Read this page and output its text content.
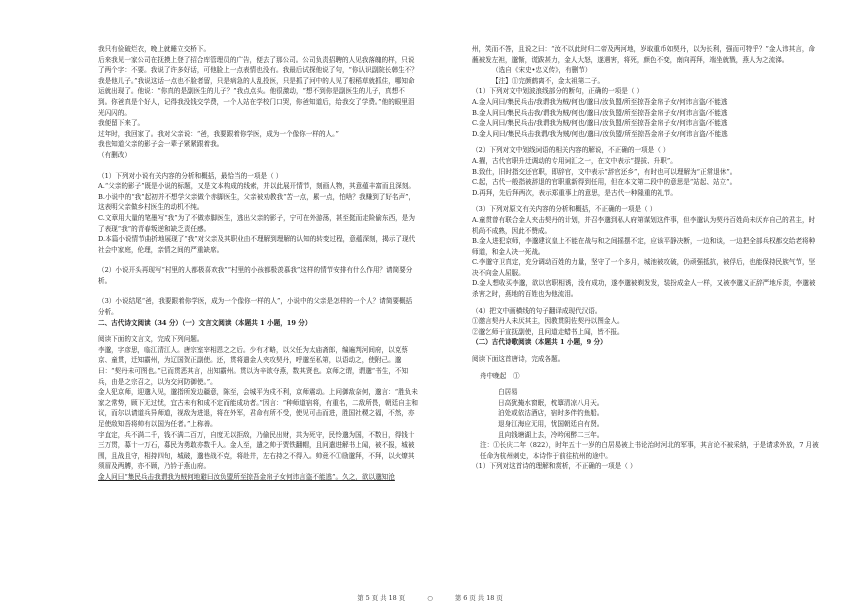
我只有俭破烂衣，晚上就睡立交桥下。

后来我见一家公司在抚摸上登了招合库管理员的广告，便去了那公司。公司负责招聘的人见我落魄的样，只说了两个字：不要。我说了许多好话，可他脸上一点表情也没有。我最后试探他说了句，“你认识副院长韩生不？我是他儿子。”我说这话一点也不脸者留，只是病急的人乱投医，只是抓了河中的人见了根稻草就抓住，哪知命运就出现了。他说：“你真的是副医生的儿子？”我点点头。他很激动，“想不到你是副医生的儿子，真想不到。你爸真是个好人，记得我没钱交学费，一个人站在学校门口哭，你爸知道后，给我交了学费。”他的眼里泪光闪闪的。

我便留下来了。

过年时，我回家了。我对父亲说：“爸，我要跟着你学医，成为一个像你一样的人。”

我也知道父亲的影子会一辈子紧紧跟着我。

（有删改）

（1）下列对小说有关内容的分析和概括，最恰当的一项是（ ）

A.“父亲的影子”既是小说的标题，又是文本构成的线索，并以此展开情节，刻画人物，其意蕴丰富而且深刻。

B.小说中的“我”起初并不想学父亲做个赤脚医生，父亲被劝教我“苦一点，累一点，怕啥？我赚到了好名声”，这表明父亲做乡村医生的动机不纯。

C.文章用大量的笔墨写“我”为了不做赤脚医生，逃出父亲的影子，宁可在外游荡，甚至挺而走险偷东西，是为了表现“我”的青春叛逆和缺乏责任感。

D.本篇小说情节曲折地展现了“我”对父亲及其职业由不理解到理解的认知的转变过程，意蕴深刻，揭示了现代社会中家庭，伦理，亲情之间的严重缺席。

（2）小说开头再现写“村里的人都极喜欢我”“村里的小孩都极羡慕我”这样的情节安排有什么作用？请简要分析。

（3）小说结尾“爸，我要跟着你学医，成为一个像你一样的人”，小说中的父亲是怎样的一个人？请简要概括分析。

二、古代诗文阅读（34 分）（一）文言文阅读（本题共 1 小题，19 分）

阅读下面的文言文，完成下列问题。

李邈，字彦思，临江清江人。唐宗室宰相恩之之后。少有才略，以父任为太庙斋郎，编遍判河间府，以克蔡京、童贯，迁知霸州，为辽国贺正副使。还，贯将遣金人夹攻契丹，呼邈至私第，以语动之，使附己。邈曰：“契丹未可图也。”已而贯恶其言，出知霸州。贯以为辛欲夺燕，数其贤也。京师之谓，谓邈“书生，不知兵，由是之宗召之，以为交河防御使。”。

金人犯京师，迎邈入见，邈指所发边疆意，陈至，会城平为戍不利，京师震动。上问御敌奈何，邈言：“胜负未家之常势，顾下无过忧，宜古未有和成不定而能成功者。”因言：“种师道宿将，有重名，二敌所畏，朝廷自主和议，而尔以请道兵异师道，视敌为进退，将在外军，君命有所不受，使见可击而进，胜国社稷之福，不然，亦足使敌知吾将帅有以国为任者。”上称善。

宇直定，兵不满二千，钱不满二百万，自度无以拒敌，乃偷民出财，共为死守，民怜邈为国，不数日，得钱十三万贯，募十一万石，募民为勇敢亦数千人。金人至，遣之帅于贾铁翻帽，且问遣进解书上闻，被不报，城被围，且战且守，相持四旬，城破，邈巷战不克，将赴井，左右持之不得入。帅竟不①励邈拜，不拜，以火燎其须眉及两膊，亦不顾，乃钤于燕山府。

金人问曰“集民兵击我谓我为贼何地避曰汝负盟所至掠吾金帛子女何讳言盗不能逃”。久之，欲以邈知沧

州，笑而不答，且说之曰：“汝不以此时归二帝及两河地，岁取重币如契丹，以为长利，强而可特乎？”金人讳其言，命蘸被发左袒，邈惭，谎跋甚力，金人大怒，遂遇害，将死，颜色不变，南向再拜，端坐就戮，燕人为之流涕。

（选自《宋史•忠义传》，有删节）

【注】①完颜鹤离不，金太祖第二子。

（1）下列对文中划波浪线部分的断句，正确的一项是（ ）

A.金人问曰/集民兵击/我谓我为贼/何也/邈曰/汝负盟/所至掠吾金帛子女/何讳言盗/不能逃

B.金人问曰/集民兵击我/谓我为贼/何也/邈曰/汝负盟/所至掠吾金帛子女/何讳言盗/不能逃

C.金人问曰/集民兵击/我谓我为贼/何也/邈曰/汝负盟/所至掠吾金帛子女/何讳言盗/不能逃

D.金人问曰/集民兵击我谓/我为贼/何也/邈曰/汝负盟/所至掠吾金帛子女/何讳言盗/不能逃

（2）下列对文中划线词语的相关内容的解说，不正确的一项是（ ）

A.擢，古代官职升迁调动的专用词汇之一，在文中表示“提拔、升职”。

B.致仕，旧时指交还官职，即辞官，文中表示“辞官还乡”，有时也可以理解为“正常退休”。

C.起，古代一般指被辞退的官职重新得到任用，但在本文第二段中的意思是“站起、站立”。

D.再拜，先后拜两次，表示郑重事上的意思，是古代一种隆重的礼节。

（3）下列对原文有关内容的分析和概括，不正确的一项是（ ）

A.童贯曾有联合金人夹击契丹的计划，并召李邈到私人府第谋划这件事，但李邈认为契丹百姓尚未厌弃自己的君主，时机尚不成熟，因此不赞成。

B.金人进犯京师，李邈建议皇上不能在战与和之间摇摆不定，应该平静决断，一边和谈，一边把全部兵权都交给老将种师道，和金人决一死战。

C.李邈守卫真定，充分调动百姓的力量，坚守了一个多月，城池被攻破，仍顽强抵抗，被俘后，也能保持民族气节，坚决不向金人屈服。

D.金人想收买李邈，欲以官职相诱，没有成功，遂李邈被剃发发，装扮成金人一样，又被李邈义正辞严地斥责，李邈被杀害之时，燕地的百姓也为他流泪。

（4）把文中画横线的句子翻译成现代汉语。

①邀言契丹人未厌其主，因教贯阴佐契丹以图金人。

②邈乞师于宣抚副使，且问道走蜡书上闻，皆不报。

（二）古代诗歌阅读（本题共 1 小题，9 分）

阅读下面这首唐诗，完成各题。

舟中晚起　①

白居易

日高犹掩水窗眠，枕簟清凉八月天。

泊处或依沽酒店，宿时多伴钓鱼船。

退身江海应无用，忧国朝廷自有贤。

且向钱塘湖上去，冷吟闲醉二三年。

注：①长庆二年（822），时年五十一岁的白居易被上书论治时河北的军事，其言论不被采纳，于是请求外放，7 月被任命为杭州刺史，本诗作于前往杭州的途中。

（1）下列对这首诗的理解和赏析，不正确的一项是（ ）

第 5 页 共 18 页	○	第 6 页 共 18 页
